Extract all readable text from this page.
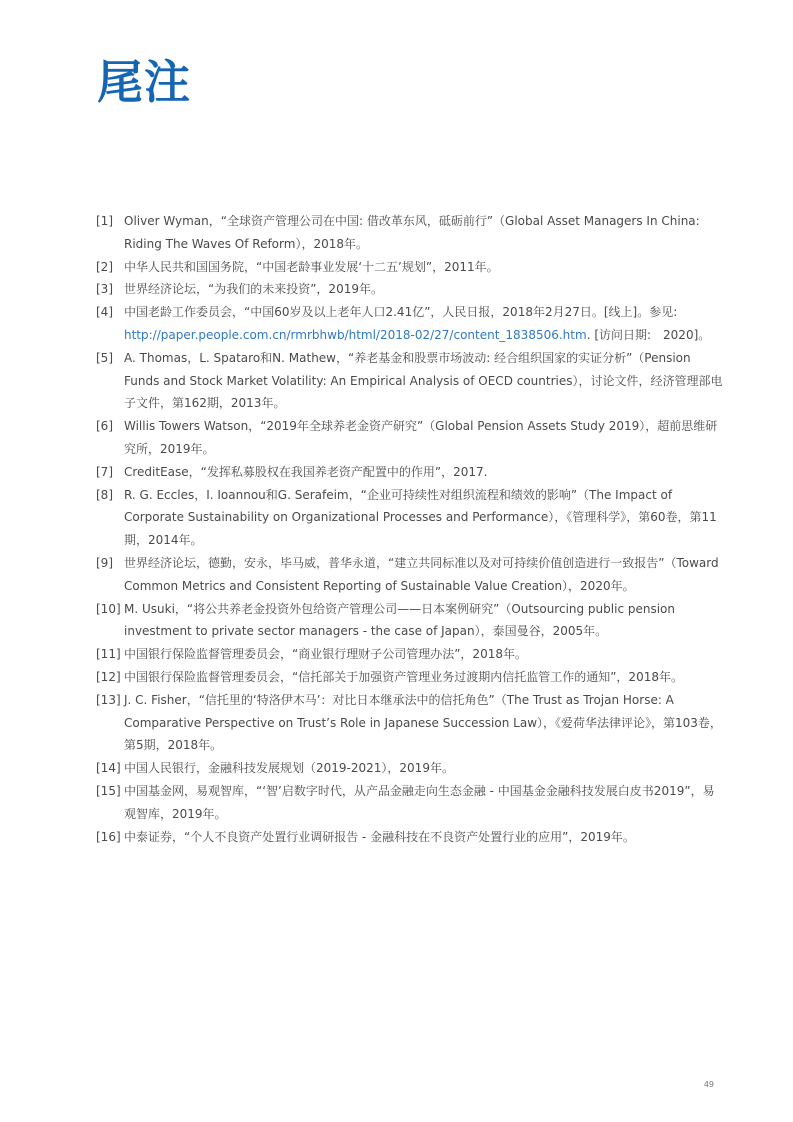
尾注
[1] Oliver Wyman，“全球资产管理公司在中国: 借改革东风，砥砺前行”（Global Asset Managers In China: Riding The Waves Of Reform），2018年。
[2] 中华人民共和国国务院，“中国老龄事业发展‘十二五’规划”，2011年。
[3] 世界经济论坛，“为我们的未来投资”，2019年。
[4] 中国老龄工作委员会，“中国60岁及以上老年人口2.41亿”，人民日报，2018年2月27日。[线上]。参见: http://paper.people.com.cn/rmrbhwb/html/2018-02/27/content_1838506.htm. [访问日期:　2020]。
[5] A. Thomas，L. Spataro和N. Mathew，“养老基金和股票市场波动: 经合组织国家的实证分析”（Pension Funds and Stock Market Volatility: An Empirical Analysis of OECD countries），讨论文件，经济管理部电子文件，第162期，2013年。
[6] Willis Towers Watson，“2019年全球养老金资产研究”（Global Pension Assets Study 2019），超前思维研究所，2019年。
[7] CreditEase，“发挥私募股权在我国养老资产配置中的作用”，2017.
[8] R. G. Eccles，I. Ioannou和G. Serafeim，“企业可持续性对组织流程和绩效的影响”（The Impact of Corporate Sustainability on Organizational Processes and Performance），《管理科学》，第60卷，第11期，2014年。
[9] 世界经济论坛，德勤，安永，毕马威，普华永道，“建立共同标准以及对可持续价值创造进行一致报告”（Toward Common Metrics and Consistent Reporting of Sustainable Value Creation），2020年。
[10] M. Usuki，“将公共养老金投资外包给资产管理公司——日本案例研究”（Outsourcing public pension investment to private sector managers - the case of Japan），泰国曼谷，2005年。
[11] 中国银行保险监督管理委员会，“商业银行理财子公司管理办法”，2018年。
[12] 中国银行保险监督管理委员会，“信托部关于加强资产管理业务过渡期内信托监管工作的通知”，2018年。
[13] J. C. Fisher，“信托里的‘特洛伊木马’：对比日本继承法中的信托角色”（The Trust as Trojan Horse: A Comparative Perspective on Trust’s Role in Japanese Succession Law），《爱荷华法律评论》，第103卷，第5期，2018年。
[14] 中国人民银行，金融科技发展规划（2019-2021），2019年。
[15] 中国基金网，易观智库，“‘智’启数字时代，从产品金融走向生态金融 - 中国基金金融科技发展白皮书2019”，易观智库，2019年。
[16] 中泰证券，“个人不良资产处置行业调研报告 - 金融科技在不良资产处置行业的应用”，2019年。
49
